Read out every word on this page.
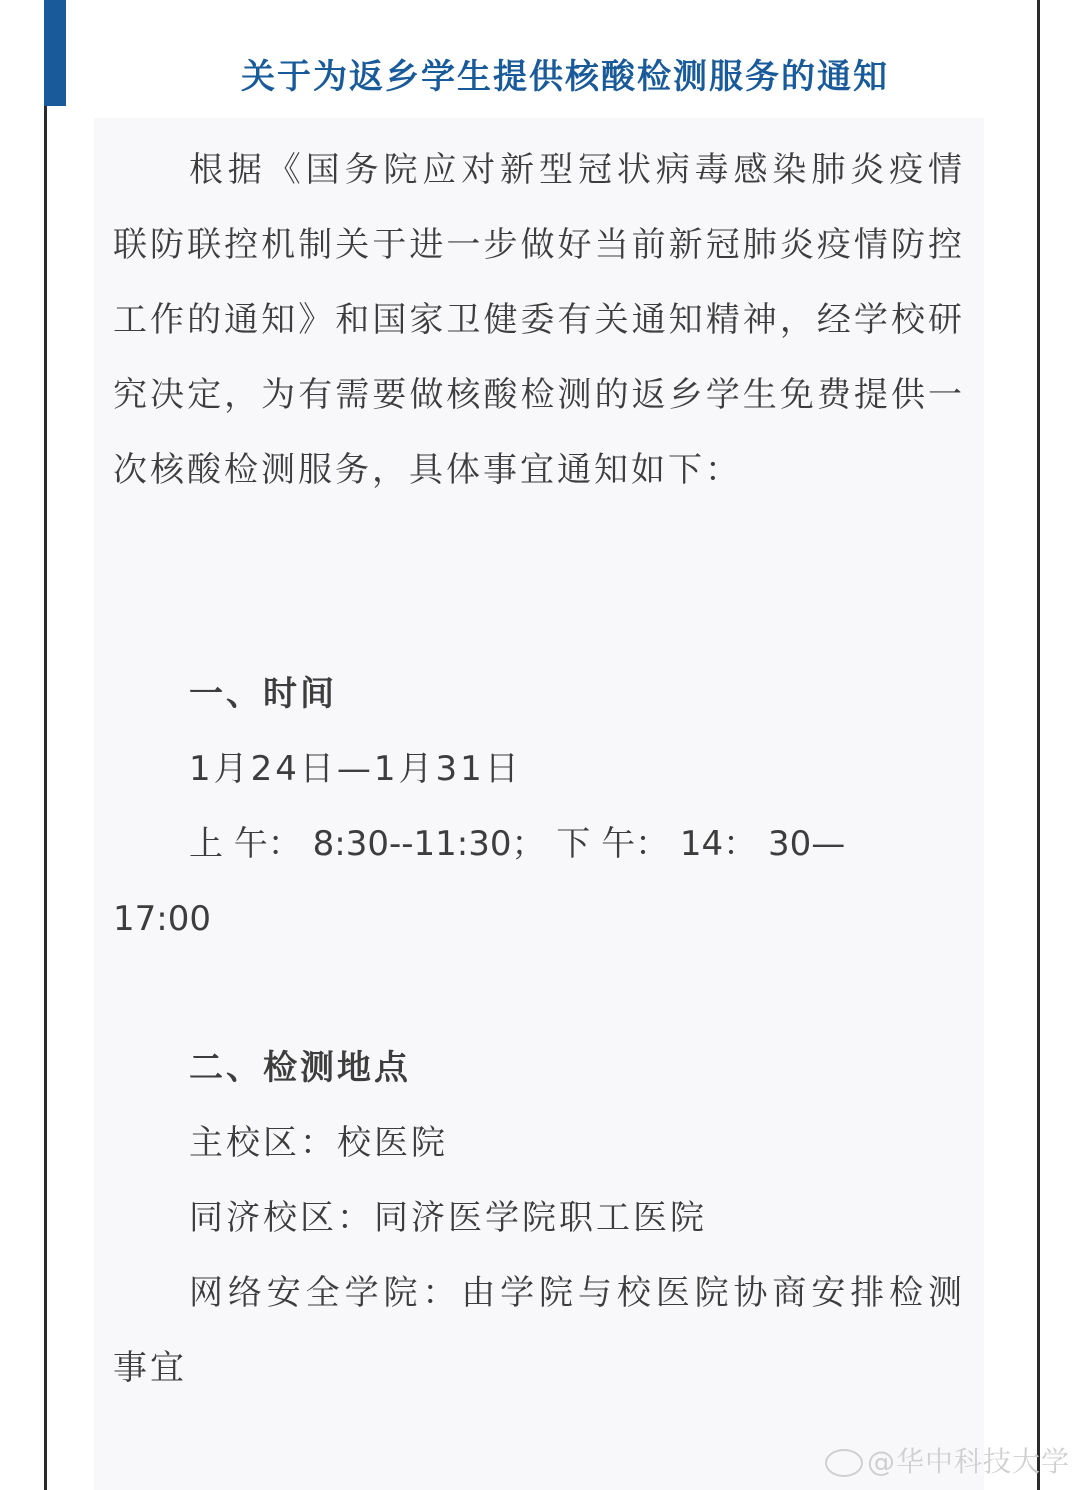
关于为返乡学生提供核酸检测服务的通知

根据《国务院应对新型冠状病毒感染肺炎疫情联防联控机制关于进一步做好当前新冠肺炎疫情防控工作的通知》和国家卫健委有关通知精神，经学校研究决定，为有需要做核酸检测的返乡学生免费提供一次核酸检测服务，具体事宜通知如下：

一、时间

1月24日—1月31日

上 午： 8:30--11:30； 下 午： 14： 30—
17:00

二、检测地点

主校区：校医院

同济校区：同济医学院职工医院

网络安全学院：由学院与校医院协商安排检测事宜

@华中科技大学
